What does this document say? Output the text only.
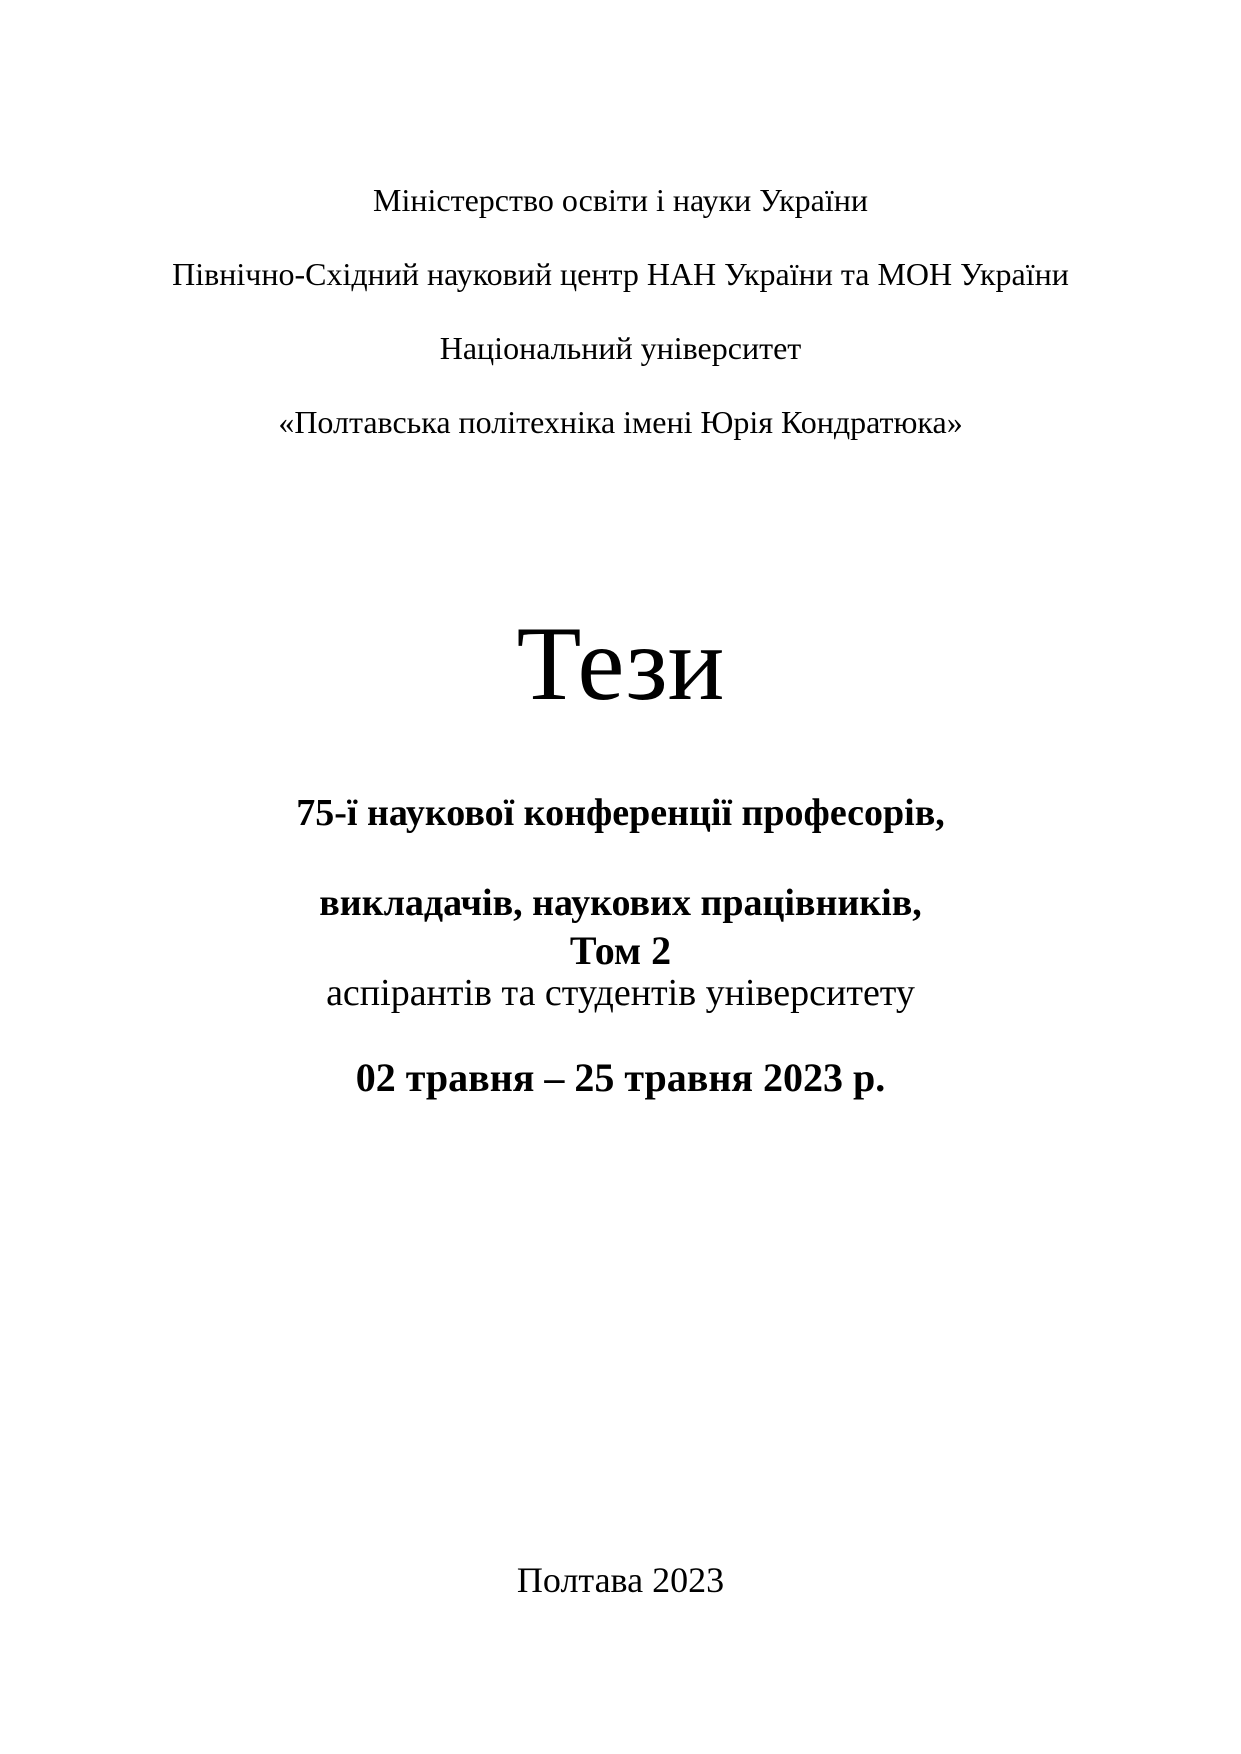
Міністерство освіти і науки України

Північно-Східний науковий центр НАН України та МОН України

Національний університет

«Полтавська політехніка імені Юрія Кондратюка»

Тези

75-ї наукової конференції професорів,

викладачів, наукових працівників,

аспірантів та студентів університету

Том 2
02 травня – 25 травня 2023 р.
Полтава 2023
